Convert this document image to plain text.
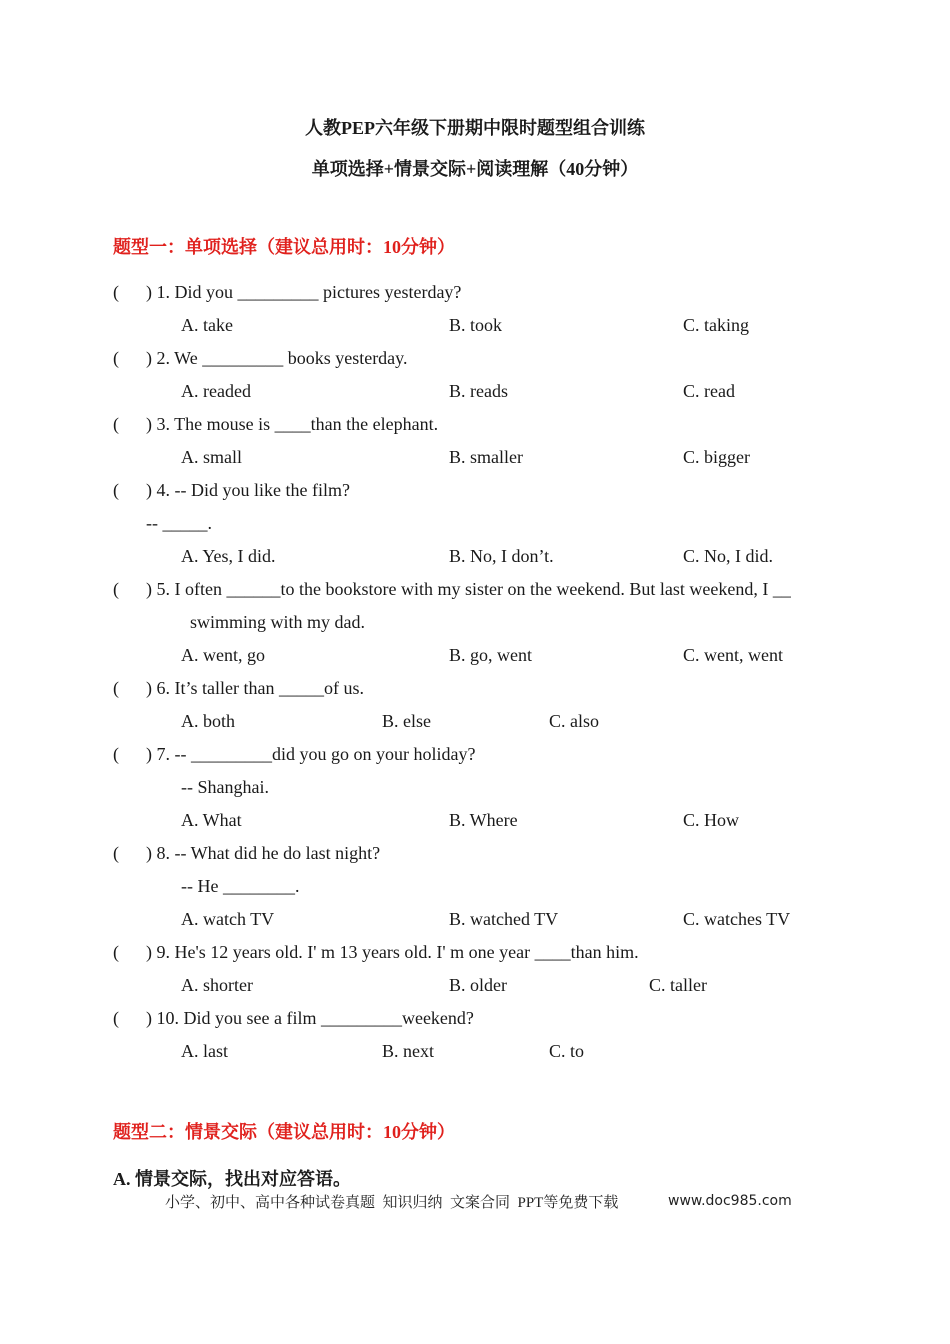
人教PEP六年级下册期中限时题型组合训练
单项选择+情景交际+阅读理解（40分钟）
题型一：单项选择（建议总用时：10分钟）
(      ) 1. Did you _________ pictures yesterday?
A. take	B. took	C. taking
(      ) 2. We _________ books yesterday.
A. readed	B. reads	C. read
(      ) 3. The mouse is ____than the elephant.
A. small	B. smaller	C. bigger
(      ) 4. -- Did you like the film?
-- _____.
A. Yes, I did.	B. No, I don’t.	C. No, I did.
(      ) 5. I often ______to the bookstore with my sister on the weekend. But last weekend, I __
swimming with my dad.
A. went, go	B. go, went	C. went, went
(      ) 6. It’s taller than _____of us.
A. both	B. else	C. also
(      ) 7. -- _________did you go on your holiday?
-- Shanghai.
A. What	B. Where	C. How
(      ) 8. -- What did he do last night?
-- He ________.
A. watch TV	B. watched TV	C. watches TV
(      ) 9. He's 12 years old. I' m 13 years old. I' m one year ____than him.
A. shorter	B. older	C. taller
(      ) 10. Did you see a film _________weekend?
A. last	B. next	C. to
题型二：情景交际（建议总用时：10分钟）
A. 情景交际，找出对应答语。
小学、初中、高中各种试卷真题  知识归纳  文案合同  PPT等免费下载	www.doc985.com
